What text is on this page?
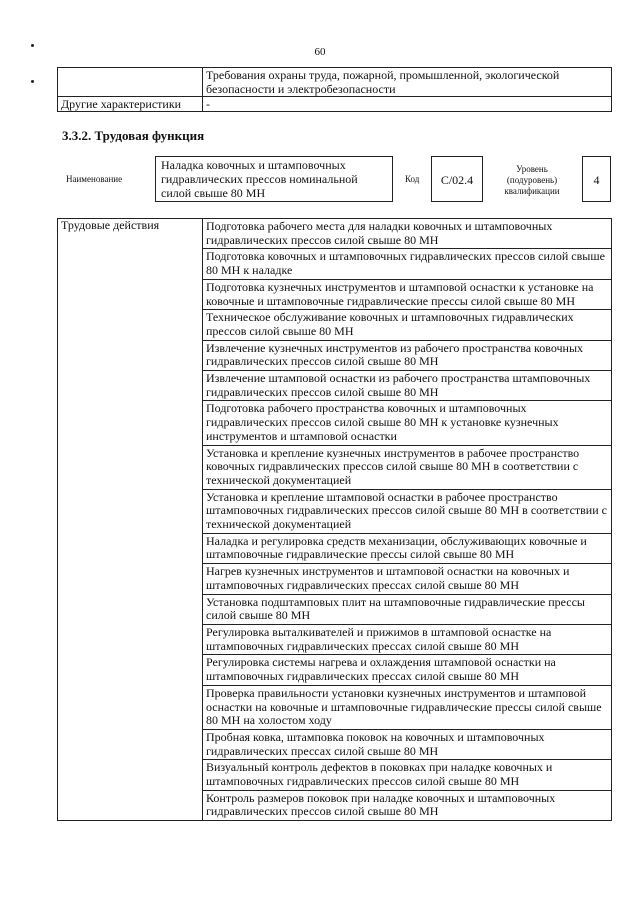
60
	Требования охраны труда, пожарной, промышленной, экологической безопасности и электробезопасности
Другие характеристики	-
3.3.2. Трудовая функция
Наименование
Наладка ковочных и штамповочных гидравлических прессов номинальной силой свыше 80 МН
Код	С/02.4
Уровень (подуровень) квалификации
4
Трудовые действия	Подготовка рабочего места для наладки ковочных и штамповочных гидравлических прессов силой свыше 80 МН
Подготовка ковочных и штамповочных гидравлических прессов силой свыше 80 МН к наладке
Подготовка кузнечных инструментов и штамповой оснастки к установке на ковочные и штамповочные гидравлические прессы силой свыше 80 МН
Техническое обслуживание ковочных и штамповочных гидравлических прессов силой свыше 80 МН
Извлечение кузнечных инструментов из рабочего пространства ковочных гидравлических прессов силой свыше 80 МН
Извлечение штамповой оснастки из рабочего пространства штамповочных гидравлических прессов силой свыше 80 МН
Подготовка рабочего пространства ковочных и штамповочных гидравлических прессов силой свыше 80 МН к установке кузнечных инструментов и штамповой оснастки
Установка и крепление кузнечных инструментов в рабочее пространство ковочных гидравлических прессов силой свыше 80 МН в соответствии с технической документацией
Установка и крепление штамповой оснастки в рабочее пространство штамповочных гидравлических прессов силой свыше 80 МН в соответствии с технической документацией
Наладка и регулировка средств механизации, обслуживающих ковочные и штамповочные гидравлические прессы силой свыше 80 МН
Нагрев кузнечных инструментов и штамповой оснастки на ковочных и штамповочных гидравлических прессах силой свыше 80 МН
Установка подштамповых плит на штамповочные гидравлические прессы силой свыше 80 МН
Регулировка выталкивателей и прижимов в штамповой оснастке на штамповочных гидравлических прессах силой свыше 80 МН
Регулировка системы нагрева и охлаждения штамповой оснастки на штамповочных гидравлических прессах силой свыше 80 МН
Проверка правильности установки кузнечных инструментов и штамповой оснастки на ковочные и штамповочные гидравлические прессы силой свыше 80 МН на холостом ходу
Пробная ковка, штамповка поковок на ковочных и штамповочных гидравлических прессах силой свыше 80 МН
Визуальный контроль дефектов в поковках при наладке ковочных и штамповочных гидравлических прессов силой свыше 80 МН
Контроль размеров поковок при наладке ковочных и штамповочных гидравлических прессов силой свыше 80 МН
